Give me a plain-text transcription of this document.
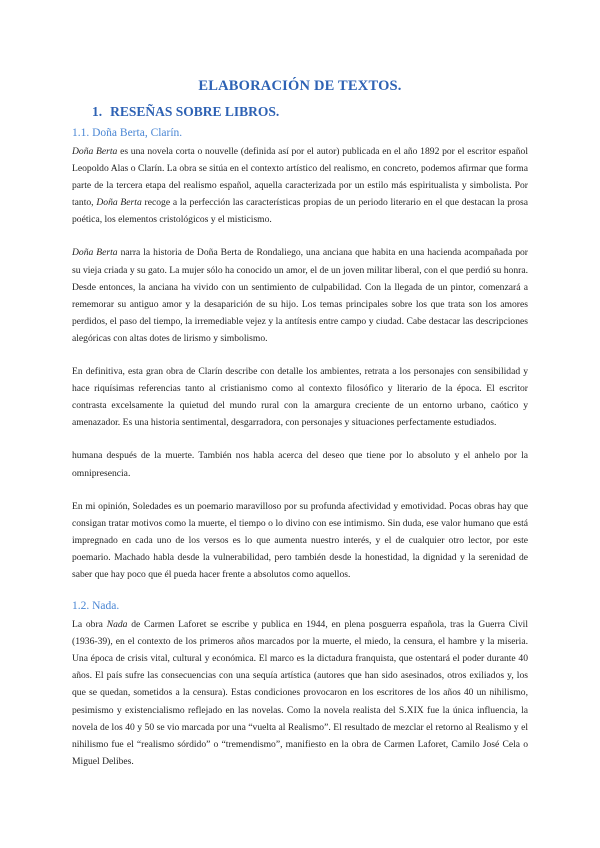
ELABORACIÓN DE TEXTOS.
1. RESEÑAS SOBRE LIBROS.
1.1. Doña Berta, Clarín.

Doña Berta es una novela corta o nouvelle (definida así por el autor) publicada en el año 1892 por el escritor español Leopoldo Alas o Clarín. La obra se sitúa en el contexto artístico del realismo, en concreto, podemos afirmar que forma parte de la tercera etapa del realismo español, aquella caracterizada por un estilo más espiritualista y simbolista. Por tanto, Doña Berta recoge a la perfección las características propias de un periodo literario en el que destacan la prosa poética, los elementos cristológicos y el misticismo.

Doña Berta narra la historia de Doña Berta de Rondaliego, una anciana que habita en una hacienda acompañada por su vieja criada y su gato. La mujer sólo ha conocido un amor, el de un joven militar liberal, con el que perdió su honra. Desde entonces, la anciana ha vivido con un sentimiento de culpabilidad. Con la llegada de un pintor, comenzará a rememorar su antiguo amor y la desaparición de su hijo. Los temas principales sobre los que trata son los amores perdidos, el paso del tiempo, la irremediable vejez y la antítesis entre campo y ciudad. Cabe destacar las descripciones alegóricas con altas dotes de lirismo y simbolismo.

En definitiva, esta gran obra de Clarín describe con detalle los ambientes, retrata a los personajes con sensibilidad y hace riquísimas referencias tanto al cristianismo como al contexto filosófico y literario de la época. El escritor contrasta excelsamente la quietud del mundo rural con la amargura creciente de un entorno urbano, caótico y amenazador. Es una historia sentimental, desgarradora, con personajes y situaciones perfectamente estudiados.

humana después de la muerte. También nos habla acerca del deseo que tiene por lo absoluto y el anhelo por la omnipresencia.

En mi opinión, Soledades es un poemario maravilloso por su profunda afectividad y emotividad. Pocas obras hay que consigan tratar motivos como la muerte, el tiempo o lo divino con ese intimismo. Sin duda, ese valor humano que está impregnado en cada uno de los versos es lo que aumenta nuestro interés, y el de cualquier otro lector, por este poemario. Machado habla desde la vulnerabilidad, pero también desde la honestidad, la dignidad y la serenidad de saber que hay poco que él pueda hacer frente a absolutos como aquellos.

1.2. Nada.

La obra Nada de Carmen Laforet se escribe y publica en 1944, en plena posguerra española, tras la Guerra Civil (1936-39), en el contexto de los primeros años marcados por la muerte, el miedo, la censura, el hambre y la miseria. Una época de crisis vital, cultural y económica. El marco es la dictadura franquista, que ostentará el poder durante 40 años. El país sufre las consecuencias con una sequía artística (autores que han sido asesinados, otros exiliados y, los que se quedan, sometidos a la censura). Estas condiciones provocaron en los escritores de los años 40 un nihilismo, pesimismo y existencialismo reflejado en las novelas. Como la novela realista del S.XIX fue la única influencia, la novela de los 40 y 50 se vio marcada por una “vuelta al Realismo”. El resultado de mezclar el retorno al Realismo y el nihilismo fue el “realismo sórdido” o “tremendismo”, manifiesto en la obra de Carmen Laforet, Camilo José Cela o Miguel Delibes.
